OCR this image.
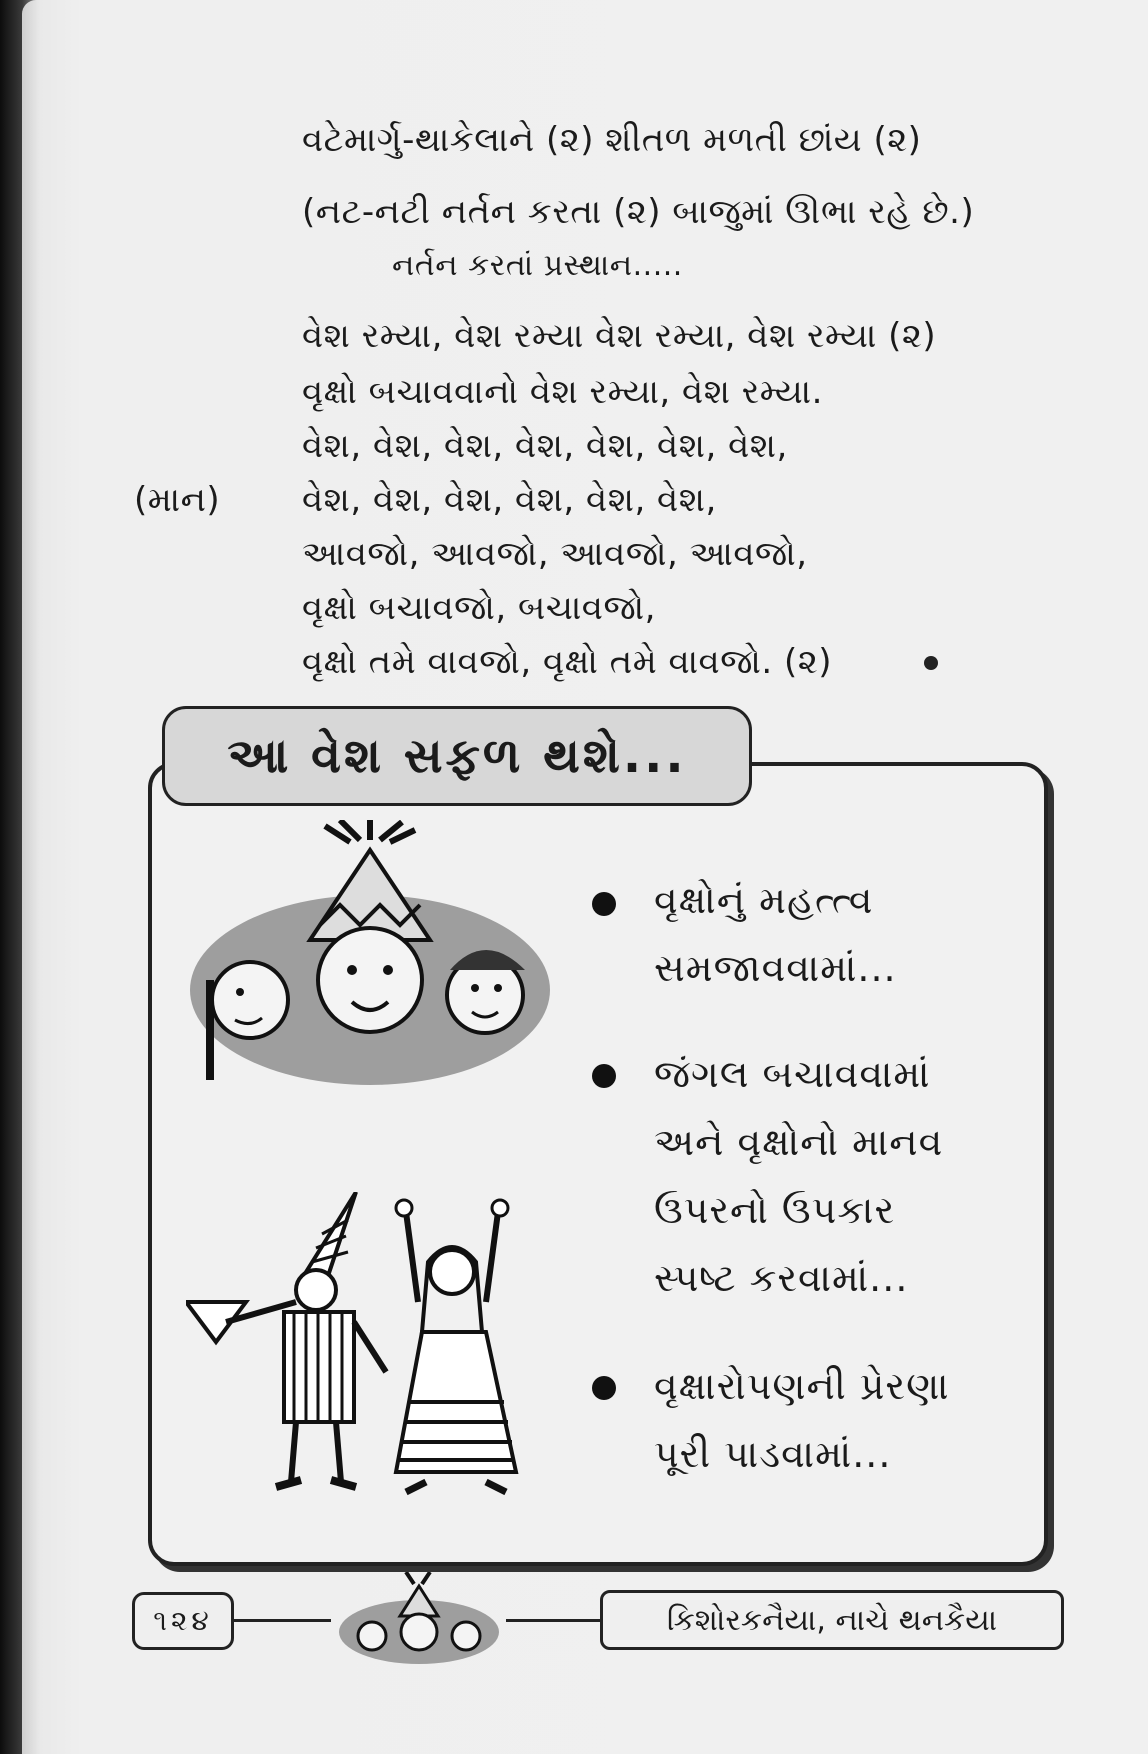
વટેમાર્ગુ-થાકેલાને (૨) શીતળ મળતી છાંય (૨)
(નટ-નટી નર્તન કરતા (૨) બાજુમાં ઊભા રહે છે.)
નર્તન કરતાં પ્રસ્થાન.....
વેશ રમ્યા, વેશ રમ્યા વેશ રમ્યા, વેશ રમ્યા (૨)
વૃક્ષો બચાવવાનો વેશ રમ્યા, વેશ રમ્યા.
વેશ, વેશ, વેશ, વેશ, વેશ, વેશ, વેશ,
(માન) વેશ, વેશ, વેશ, વેશ, વેશ, વેશ,
આવજો, આવજો, આવજો, આવજો,
વૃક્ષો બચાવજો, બચાવજો,
વૃક્ષો તમે વાવજો, વૃક્ષો તમે વાવજો. (૨)
આ વેશ સફળ થશે...
વૃક્ષોનું મહત્ત્વ
સમજાવવામાં...
જંગલ બચાવવામાં
અને વૃક્ષોનો માનવ
ઉપરનો ઉપકાર
સ્પષ્ટ કરવામાં...
વૃક્ષારોપણની પ્રેરણા
પૂરી પાડવામાં...
૧૨૪	કિશોરકનૈયા, નાચે થનકૈયા
